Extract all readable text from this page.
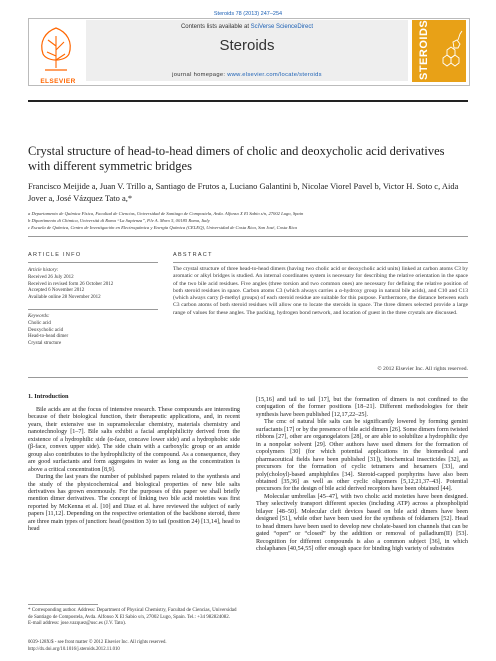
Steroids 78 (2013) 247–254
ELSEVIER
Contents lists available at SciVerse ScienceDirect
Steroids
journal homepage: www.elsevier.com/locate/steroids	STEROIDS
Crystal structure of head-to-head dimers of cholic and deoxycholic acid derivatives with different symmetric bridges
Francisco Meijide a, Juan V. Trillo a, Santiago de Frutos a, Luciano Galantini b, Nicolae Viorel Pavel b, Victor H. Soto c, Aida Jover a, José Vázquez Tato a,*
a Departamento de Química Física, Facultad de Ciencias, Universidad de Santiago de Compostela, Avda. Alfonso X El Sabio s/n, 27002 Lugo, Spain
b Dipartimento di Chimica, Università di Roma “La Sapienza”, P.le A. Moro 5, 00185 Roma, Italy
c Escuela de Química, Centro de Investigación en Electroquímica y Energía Química (CELEQ), Universidad de Costa Rica, San José, Costa Rica
ARTICLE INFO
Article history:
Received 26 July 2012
Received in revised form 26 October 2012
Accepted 6 November 2012
Available online 28 November 2012
Keywords:
Cholic acid
Deoxycholic acid
Head-to-head dimer
Crystal structure
ABSTRACT
The crystal structure of three head-to-head dimers (having two cholic acid or deoxycholic acid units) linked at carbon atoms C3 by aromatic or alkyl bridges is studied. An internal coordinates system is necessary for describing the relative orientation in the space of the two bile acid residues. Five angles (three torsion and two common ones) are necessary for defining the relative position of both steroid residues in space. Carbon atoms C3 (which always carries a α-hydroxy group in natural bile acids), and C10 and C13 (which always carry β-methyl groups) of each steroid residue are suitable for this purpose. Furthermore, the distance between each C3 carbon atoms of both steroid residues will allow one to locate the steroids in space. The three dimers selected provide a large range of values for these angles. The packing, hydrogen bond network, and location of guest in the three crystals are discussed.
© 2012 Elsevier Inc. All rights reserved.
1. Introduction

Bile acids are at the focus of intensive research. These compounds are interesting because of their biological function, their therapeutic applications, and, in recent years, their extensive use in supramolecular chemistry, materials chemistry and nanotechnology [1–7]. Bile salts exhibit a facial amphiphilicity derived from the existence of a hydrophilic side (α-face, concave lower side) and a hydrophobic side (β-face, convex upper side). The side chain with a carboxylic group or an amide group also contributes to the hydrophilicity of the compound. As a consequence, they are good surfactants and form aggregates in water as long as the concentration is above a critical concentration [8,9].

During the last years the number of published papers related to the synthesis and the study of the physicochemical and biological properties of new bile salts derivatives has grown enormously. For the purposes of this paper we shall briefly mention dimer derivatives. The concept of linking two bile acid moieties was first reported by McKenna et al. [10] and Diaz et al. have reviewed the subject of early papers [11,12]. Depending on the respective orientation of the backbone steroid, there are three main types of junction: head (position 3) to tail (position 24) [13,14], head to head

[15,16] and tail to tail [17], but the formation of dimers is not confined to the conjugation of the former positions [18–21]. Different methodologies for their synthesis have been published [12,17,22–25].

The cmc of natural bile salts can be significantly lowered by forming gemini surfactants [17] or by the presence of bile acid dimers [26]. Some dimers form twisted ribbons [27], other are organogelators [28], or are able to solubilize a hydrophilic dye in a nonpolar solvent [29]. Other authors have used dimers for the formation of copolymers [30] (for which potential applications in the biomedical and pharmaceutical fields have been published [31]), biochemical insecticides [32], as precursors for the formation of cyclic tetramers and hexamers [33], and poly(choloyl)-based amphiphiles [34]. Steroid-capped porphyrins have also been obtained [35,36] as well as other cyclic oligomers [5,12,21,37–43]. Potential precursors for the design of bile acid derived receptors have been obtained [44].

Molecular umbrellas [45–47], with two cholic acid moieties have been designed. They selectively transport different species (including ATP) across a phospholipid bilayer [48–50]. Molecular cleft devices based on bile acid dimers have been designed [51], while other have been used for the synthesis of foldamers [52]. Head to head dimers have been used to develop new cholate-based ion channels that can be gated “open” or “closed” by the addition or removal of palladium(II) [53]. Recognition for different compounds is also a common subject [36], in which cholaphanes [40,54,55] offer enough space for binding high variety of substrates

* Corresponding author. Address: Department of Physical Chemistry, Facultad de Ciencias, Universidad de Santiago de Compostela, Avda. Alfonso X El Sabio s/n, 27002 Lugo, Spain. Tel.: +34 982824082.
E-mail address: jose.vazquez@usc.es (J.V. Tato).
0039-128X/$ - see front matter © 2012 Elsevier Inc. All rights reserved.
http://dx.doi.org/10.1016/j.steroids.2012.11.010
